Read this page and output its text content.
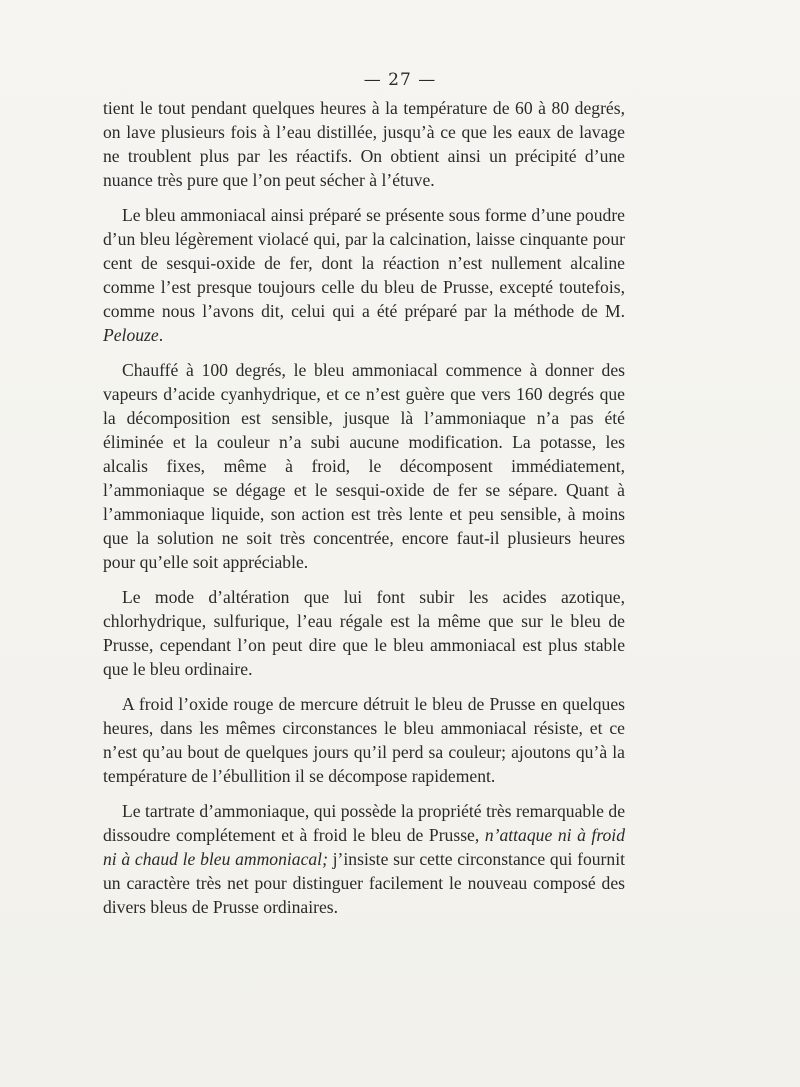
— 27 —

tient le tout pendant quelques heures à la température de 60 à 80 degrés, on lave plusieurs fois à l’eau distillée, jusqu’à ce que les eaux de lavage ne troublent plus par les réactifs. On obtient ainsi un précipité d’une nuance très pure que l’on peut sécher à l’étuve.

Le bleu ammoniacal ainsi préparé se présente sous forme d’une poudre d’un bleu légèrement violacé qui, par la calcination, laisse cinquante pour cent de sesqui-oxide de fer, dont la réaction n’est nullement alcaline comme l’est presque toujours celle du bleu de Prusse, excepté toutefois, comme nous l’avons dit, celui qui a été préparé par la méthode de M. Pelouze.

Chauffé à 100 degrés, le bleu ammoniacal commence à donner des vapeurs d’acide cyanhydrique, et ce n’est guère que vers 160 degrés que la décomposition est sensible, jusque là l’ammoniaque n’a pas été éliminée et la couleur n’a subi aucune modification. La potasse, les alcalis fixes, même à froid, le décomposent immédiatement, l’ammoniaque se dégage et le sesqui-oxide de fer se sépare. Quant à l’ammoniaque liquide, son action est très lente et peu sensible, à moins que la solution ne soit très concentrée, encore faut-il plusieurs heures pour qu’elle soit appréciable.

Le mode d’altération que lui font subir les acides azotique, chlorhydrique, sulfurique, l’eau régale est la même que sur le bleu de Prusse, cependant l’on peut dire que le bleu ammoniacal est plus stable que le bleu ordinaire.

A froid l’oxide rouge de mercure détruit le bleu de Prusse en quelques heures, dans les mêmes circonstances le bleu ammoniacal résiste, et ce n’est qu’au bout de quelques jours qu’il perd sa couleur; ajoutons qu’à la température de l’ébullition il se décompose rapidement.

Le tartrate d’ammoniaque, qui possède la propriété très remarquable de dissoudre complétement et à froid le bleu de Prusse, n’attaque ni à froid ni à chaud le bleu ammoniacal; j’insiste sur cette circonstance qui fournit un caractère très net pour distinguer facilement le nouveau composé des divers bleus de Prusse ordinaires.
